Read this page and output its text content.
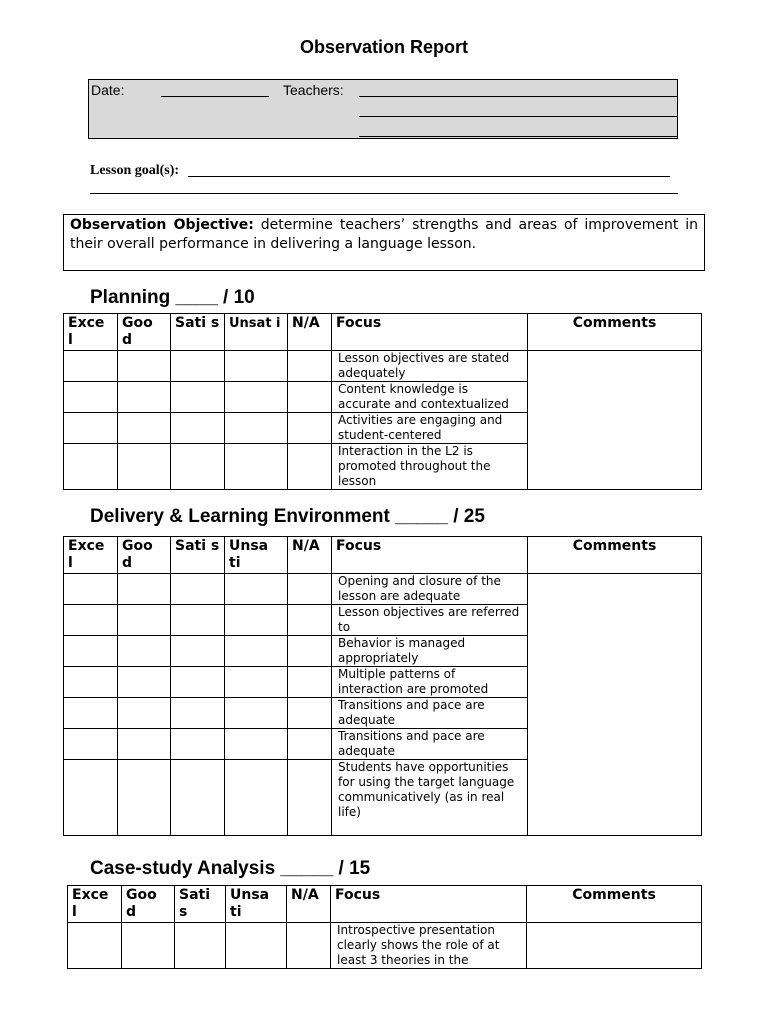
Observation Report
Date:	Teachers:
Lesson goal(s):
Observation Objective: determine teachers’ strengths and areas of improvement in their overall performance in delivering a language lesson.
Planning ____ / 10
Exce l	Goo d	Sati s	Unsat i	N/A	Focus	Comments
					Lesson objectives are stated adequately	
					Content knowledge is accurate and contextualized	
					Activities are engaging and student-centered	
					Interaction in the L2 is promoted throughout the lesson	
Delivery & Learning Environment _____ / 25
Exce l	Goo d	Sati s	Unsa ti	N/A	Focus	Comments
					Opening and closure of the lesson are adequate	
					Lesson objectives are referred to	
					Behavior is managed appropriately	
					Multiple patterns of interaction are promoted	
					Transitions and pace are adequate	
					Transitions and pace are adequate	
					Students have opportunities for using the target language communicatively (as in real life)	
Case-study Analysis _____ / 15
Exce l	Goo d	Sati s	Unsa ti	N/A	Focus	Comments
					Introspective presentation clearly shows the role of at least 3 theories in the	
